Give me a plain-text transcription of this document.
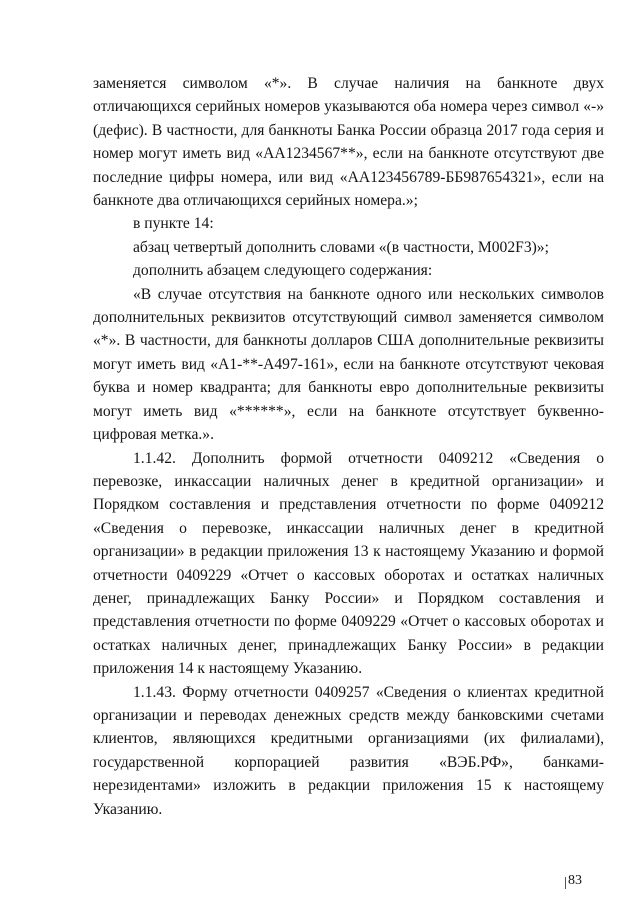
заменяется символом «*». В случае наличия на банкноте двух отличающихся серийных номеров указываются оба номера через символ «-» (дефис). В частности, для банкноты Банка России образца 2017 года серия и номер могут иметь вид «АА1234567**», если на банкноте отсутствуют две последние цифры номера, или вид «АА123456789-ББ987654321», если на банкноте два отличающихся серийных номера.»;

в пункте 14:

абзац четвертый дополнить словами «(в частности, M002F3)»;

дополнить абзацем следующего содержания:

«В случае отсутствия на банкноте одного или нескольких символов дополнительных реквизитов отсутствующий символ заменяется символом «*». В частности, для банкноты долларов США дополнительные реквизиты могут иметь вид «A1-**-A497-161», если на банкноте отсутствуют чековая буква и номер квадранта; для банкноты евро дополнительные реквизиты могут иметь вид «******», если на банкноте отсутствует буквенно-цифровая метка.».

1.1.42. Дополнить формой отчетности 0409212 «Сведения о перевозке, инкассации наличных денег в кредитной организации» и Порядком составления и представления отчетности по форме 0409212 «Сведения о перевозке, инкассации наличных денег в кредитной организации» в редакции приложения 13 к настоящему Указанию и формой отчетности 0409229 «Отчет о кассовых оборотах и остатках наличных денег, принадлежащих Банку России» и Порядком составления и представления отчетности по форме 0409229 «Отчет о кассовых оборотах и остатках наличных денег, принадлежащих Банку России» в редакции приложения 14 к настоящему Указанию.

1.1.43. Форму отчетности 0409257 «Сведения о клиентах кредитной организации и переводах денежных средств между банковскими счетами клиентов, являющихся кредитными организациями (их филиалами), государственной корпорацией развития «ВЭБ.РФ», банками-нерезидентами» изложить в редакции приложения 15 к настоящему Указанию.

83
